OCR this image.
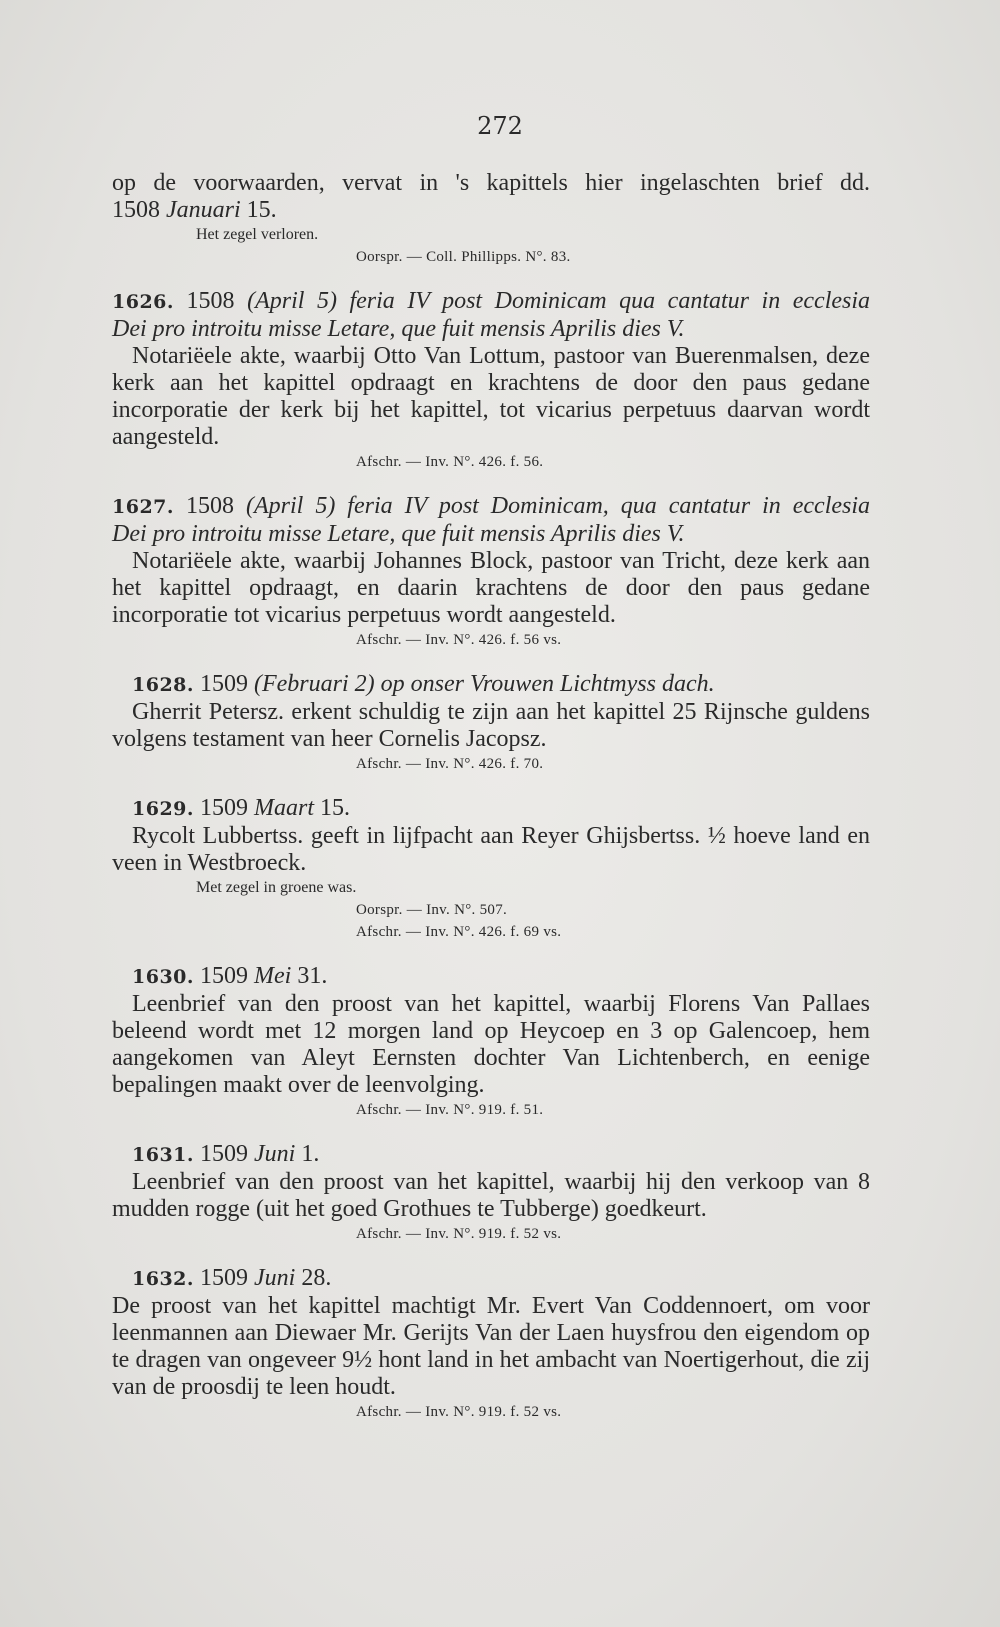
272
op de voorwaarden, vervat in 's kapittels hier ingelaschten brief dd.
1508 Januari 15.
Het zegel verloren.
Oorspr. — Coll. Phillipps. N°. 83.
1626. 1508 (April 5) feria IV post Dominicam qua cantatur in ecclesia
Dei pro introitu misse Letare, que fuit mensis Aprilis dies V.
Notariëele akte, waarbij Otto Van Lottum, pastoor van Buerenmalsen, deze kerk aan het kapittel opdraagt en krachtens de door den paus gedane incorporatie der kerk bij het kapittel, tot vicarius perpetuus daarvan wordt aangesteld.
Afschr. — Inv. N°. 426. f. 56.
1627. 1508 (April 5) feria IV post Dominicam, qua cantatur in ecclesia
Dei pro introitu misse Letare, que fuit mensis Aprilis dies V.
Notariëele akte, waarbij Johannes Block, pastoor van Tricht, deze kerk aan het kapittel opdraagt, en daarin krachtens de door den paus gedane incorporatie tot vicarius perpetuus wordt aangesteld.
Afschr. — Inv. N°. 426. f. 56 vs.
1628. 1509 (Februari 2) op onser Vrouwen Lichtmyss dach.
Gherrit Petersz. erkent schuldig te zijn aan het kapittel 25 Rijnsche guldens volgens testament van heer Cornelis Jacopsz.
Afschr. — Inv. N°. 426. f. 70.
1629. 1509 Maart 15.
Rycolt Lubbertss. geeft in lijfpacht aan Reyer Ghijsbertss. ½ hoeve land en veen in Westbroeck.
Met zegel in groene was.
Oorspr. — Inv. N°. 507.
Afschr. — Inv. N°. 426. f. 69 vs.
1630. 1509 Mei 31.
Leenbrief van den proost van het kapittel, waarbij Florens Van Pallaes beleend wordt met 12 morgen land op Heycoep en 3 op Galencoep, hem aangekomen van Aleyt Eernsten dochter Van Lichtenberch, en eenige bepalingen maakt over de leenvolging.
Afschr. — Inv. N°. 919. f. 51.
1631. 1509 Juni 1.
Leenbrief van den proost van het kapittel, waarbij hij den verkoop van 8 mudden rogge (uit het goed Grothues te Tubberge) goedkeurt.
Afschr. — Inv. N°. 919. f. 52 vs.
1632. 1509 Juni 28.
De proost van het kapittel machtigt Mr. Evert Van Coddennoert, om voor leenmannen aan Diewaer Mr. Gerijts Van der Laen huysfrou den eigendom op te dragen van ongeveer 9½ hont land in het ambacht van Noertigerhout, die zij van de proosdij te leen houdt.
Afschr. — Inv. N°. 919. f. 52 vs.
